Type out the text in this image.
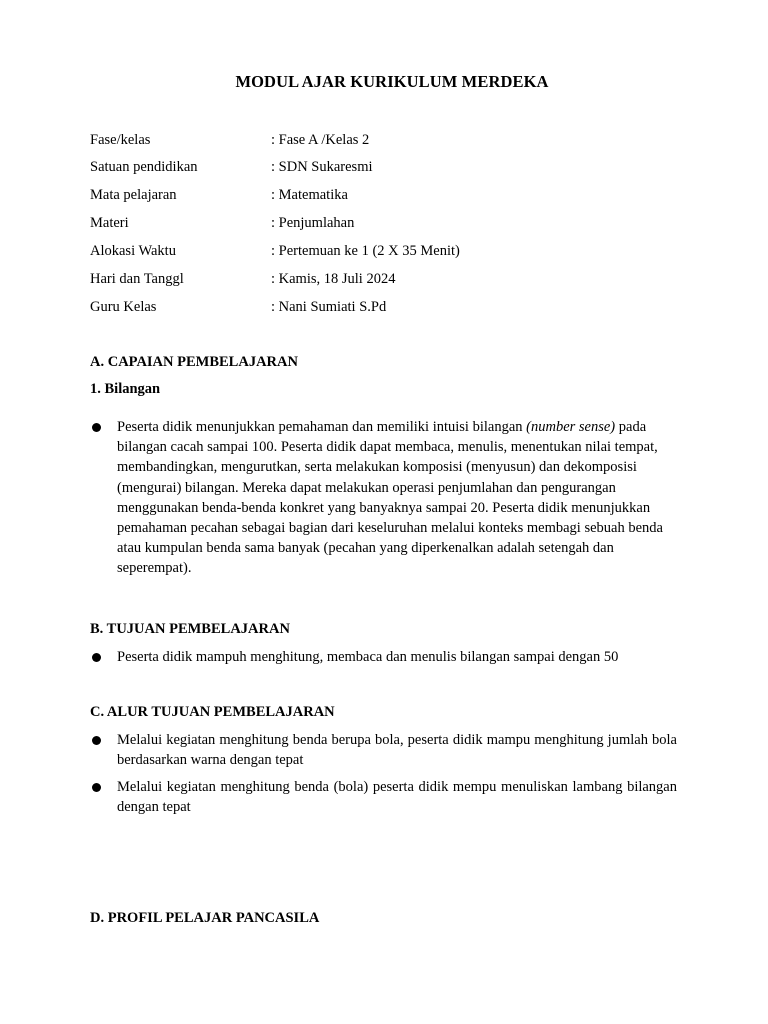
MODUL AJAR KURIKULUM MERDEKA
Fase/kelas	: Fase A /Kelas 2
Satuan pendidikan	: SDN Sukaresmi
Mata pelajaran	: Matematika
Materi	: Penjumlahan
Alokasi Waktu	: Pertemuan ke 1 (2 X 35 Menit)
Hari dan Tanggl	: Kamis, 18 Juli 2024
Guru Kelas	: Nani Sumiati S.Pd
A. CAPAIAN PEMBELAJARAN
1. Bilangan
Peserta didik menunjukkan pemahaman dan memiliki intuisi bilangan (number sense) pada bilangan cacah sampai 100. Peserta didik dapat membaca, menulis, menentukan nilai tempat, membandingkan, mengurutkan, serta melakukan komposisi (menyusun) dan dekomposisi (mengurai) bilangan. Mereka dapat melakukan operasi penjumlahan dan pengurangan menggunakan benda-benda konkret yang banyaknya sampai 20. Peserta didik menunjukkan pemahaman pecahan sebagai bagian dari keseluruhan melalui konteks membagi sebuah benda atau kumpulan benda sama banyak (pecahan yang diperkenalkan adalah setengah dan seperempat).
B. TUJUAN PEMBELAJARAN
Peserta didik mampuh menghitung, membaca dan menulis bilangan sampai dengan 50
C. ALUR TUJUAN PEMBELAJARAN
Melalui kegiatan menghitung benda berupa bola, peserta didik mampu menghitung jumlah bola berdasarkan warna dengan tepat
Melalui kegiatan menghitung benda (bola) peserta didik mempu menuliskan lambang bilangan dengan tepat
D. PROFIL PELAJAR PANCASILA
